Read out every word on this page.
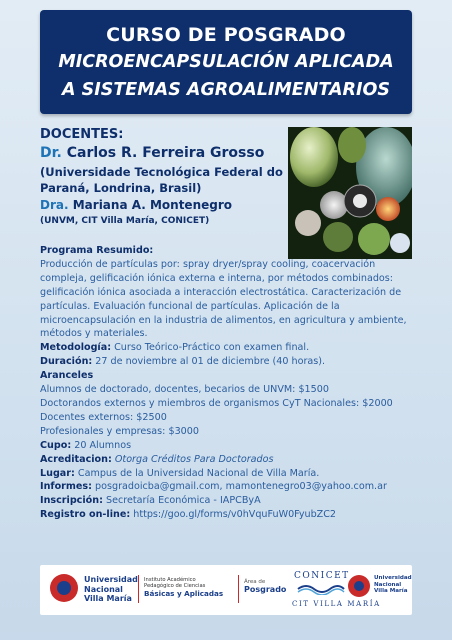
CURSO DE POSGRADO
MICROENCAPSULACIÓN APLICADA
A SISTEMAS AGROALIMENTARIOS
DOCENTES:
Dr. Carlos R. Ferreira Grosso
(Universidade Tecnológica Federal do
Paraná, Londrina, Brasil)
Dra. Mariana A. Montenegro
(UNVM, CIT Villa María, CONICET)

Programa Resumido:

Producción de partículas por: spray dryer/spray cooling, coacervación compleja, gelificación iónica externa e interna, por métodos combinados: gelificación iónica asociada a interacción electrostática. Caracterización de partículas. Evaluación funcional de partículas. Aplicación de la microencapsulación en la industria de alimentos, en agricultura y ambiente, métodos y materiales.

Metodología: Curso Teórico-Práctico con examen final.

Duración: 27 de noviembre al 01 de diciembre (40 horas).

Aranceles

Alumnos de doctorado, docentes, becarios de UNVM: $1500

Doctorandos externos y miembros de organismos CyT Nacionales: $2000

Docentes externos: $2500

Profesionales y empresas: $3000

Cupo: 20 Alumnos

Acreditacion: Otorga Créditos Para Doctorados

Lugar: Campus de la Universidad Nacional de Villa María.

Informes: posgradoicba@gmail.com, mamontenegro03@yahoo.com.ar

Inscripción: Secretaría Económica - IAPCByA

Registro on-line: https://goo.gl/forms/v0hVquFuW0FyubZC2

Universidad
Nacional
Villa María
Instituto Académico
Pedagógico de Ciencias
Básicas y Aplicadas
Área de
Posgrado
CONICET
CIT VILLA MARÍA
Universidad
Nacional
Villa María
